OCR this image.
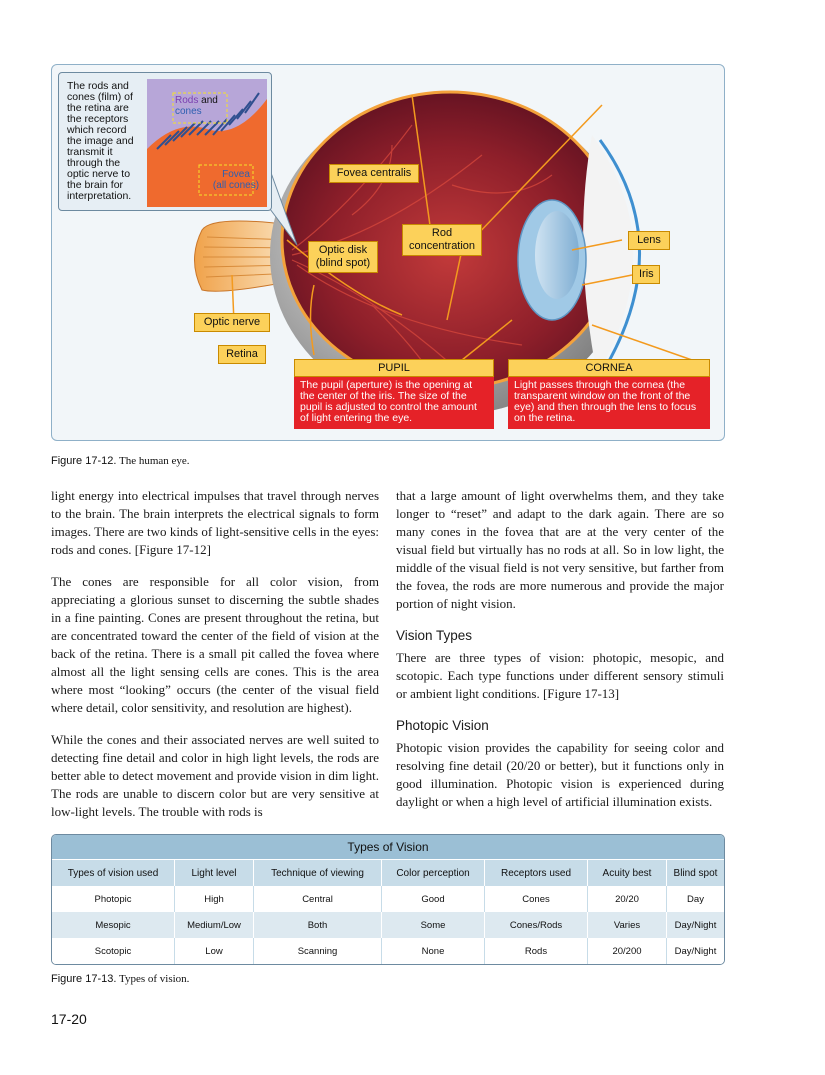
The rods and
cones (film) of
the retina are
the receptors
which record
the image and
transmit it
through the
optic nerve to
the brain for
interpretation.
Rods and
cones
Fovea
(all cones)
Fovea centralis
Rod
concentration
Optic disk
(blind spot)
Lens
Iris
Optic nerve
Retina
PUPIL
The pupil (aperture) is the opening at the center of the iris. The size of the pupil is adjusted to control the amount of light entering the eye.
CORNEA
Light passes through the cornea (the transparent window on the front of the eye) and then through the lens to focus on the retina.
Figure 17-12. The human eye.

light energy into electrical impulses that travel through nerves to the brain. The brain interprets the electrical signals to form images. There are two kinds of light-sensitive cells in the eyes: rods and cones. [Figure 17-12]

The cones are responsible for all color vision, from appreciating a glorious sunset to discerning the subtle shades in a fine painting. Cones are present throughout the retina, but are concentrated toward the center of the field of vision at the back of the retina. There is a small pit called the fovea where almost all the light sensing cells are cones. This is the area where most “looking” occurs (the center of the visual field where detail, color sensitivity, and resolution are highest).

While the cones and their associated nerves are well suited to detecting fine detail and color in high light levels, the rods are better able to detect movement and provide vision in dim light. The rods are unable to discern color but are very sensitive at low-light levels. The trouble with rods is

that a large amount of light overwhelms them, and they take longer to “reset” and adapt to the dark again. There are so many cones in the fovea that are at the very center of the visual field but virtually has no rods at all. So in low light, the middle of the visual field is not very sensitive, but farther from the fovea, the rods are more numerous and provide the major portion of night vision.

Vision Types

There are three types of vision: photopic, mesopic, and scotopic. Each type functions under different sensory stimuli or ambient light conditions. [Figure 17-13]

Photopic Vision

Photopic vision provides the capability for seeing color and resolving fine detail (20/20 or better), but it functions only in good illumination. Photopic vision is experienced during daylight or when a high level of artificial illumination exists.

Types of Vision
Types of vision used	Light level	Technique of viewing	Color perception	Receptors used	Acuity best	Blind spot
Photopic	High	Central	Good	Cones	20/20	Day
Mesopic	Medium/Low	Both	Some	Cones/Rods	Varies	Day/Night
Scotopic	Low	Scanning	None	Rods	20/200	Day/Night
Figure 17-13. Types of vision.
17-20
